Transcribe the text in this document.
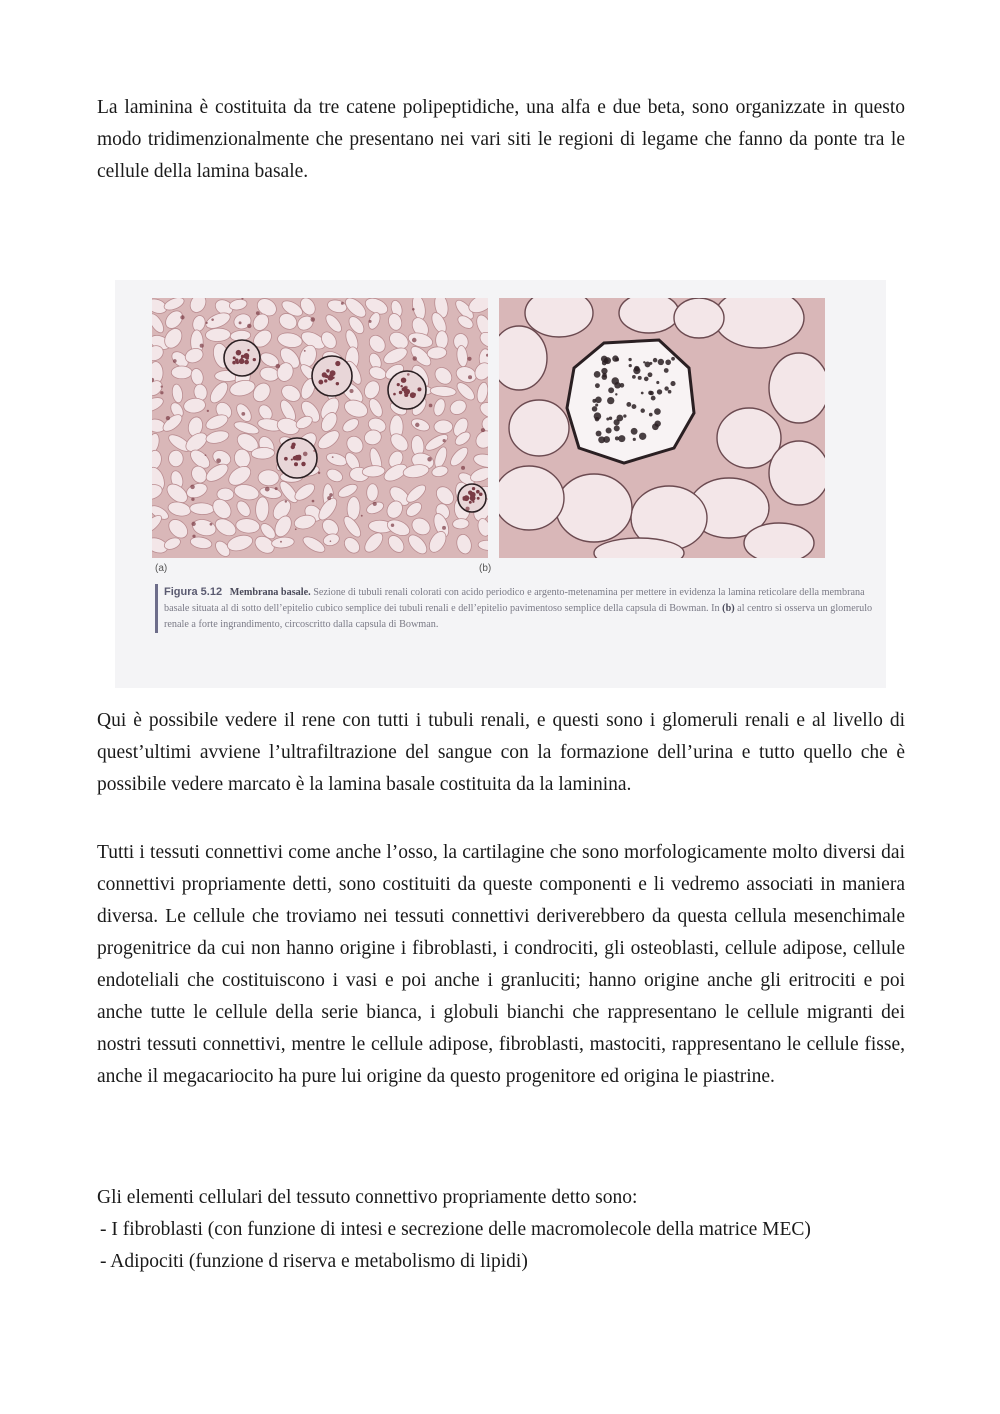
La laminina è costituita da tre catene polipeptidiche, una alfa e due beta, sono organizzate in questo modo tridimenzionalmente che presentano nei vari siti le regioni di legame che fanno da ponte tra le cellule della lamina basale.

(a)	(b)
Figura 5.12 Membrana basale. Sezione di tubuli renali colorati con acido periodico e argento-metenamina per mettere in evidenza la lamina reticolare della membrana basale situata al di sotto dell’epitelio cubico semplice dei tubuli renali e dell’epitelio pavimentoso semplice della capsula di Bowman. In (b) al centro si osserva un glomerulo renale a forte ingrandimento, circoscritto dalla capsula di Bowman.

Qui è possibile vedere il rene con tutti i tubuli renali, e questi sono i glomeruli renali e al livello di quest’ultimi avviene l’ultrafiltrazione del sangue con la formazione dell’urina e tutto quello che è possibile vedere marcato è la lamina basale costituita da la laminina.

Tutti i tessuti connettivi come anche l’osso, la cartilagine che sono morfologicamente molto diversi dai connettivi propriamente detti, sono costituiti da queste componenti e li vedremo associati in maniera diversa. Le cellule che troviamo nei tessuti connettivi deriverebbero da questa cellula mesenchimale progenitrice da cui non hanno origine i fibroblasti, i condrociti, gli osteoblasti, cellule adipose, cellule endoteliali che costituiscono i vasi e poi anche i granluciti; hanno origine anche gli eritrociti e poi anche tutte le cellule della serie bianca, i globuli bianchi che rappresentano le cellule migranti dei nostri tessuti connettivi, mentre le cellule adipose, fibroblasti, mastociti, rappresentano le cellule fisse, anche il megacariocito ha pure lui origine da questo progenitore ed origina le piastrine.

Gli elementi cellulari del tessuto connettivo propriamente detto sono:

- I fibroblasti (con funzione di intesi e secrezione delle macromolecole della matrice MEC)
- Adipociti (funzione d riserva e metabolismo di lipidi)
